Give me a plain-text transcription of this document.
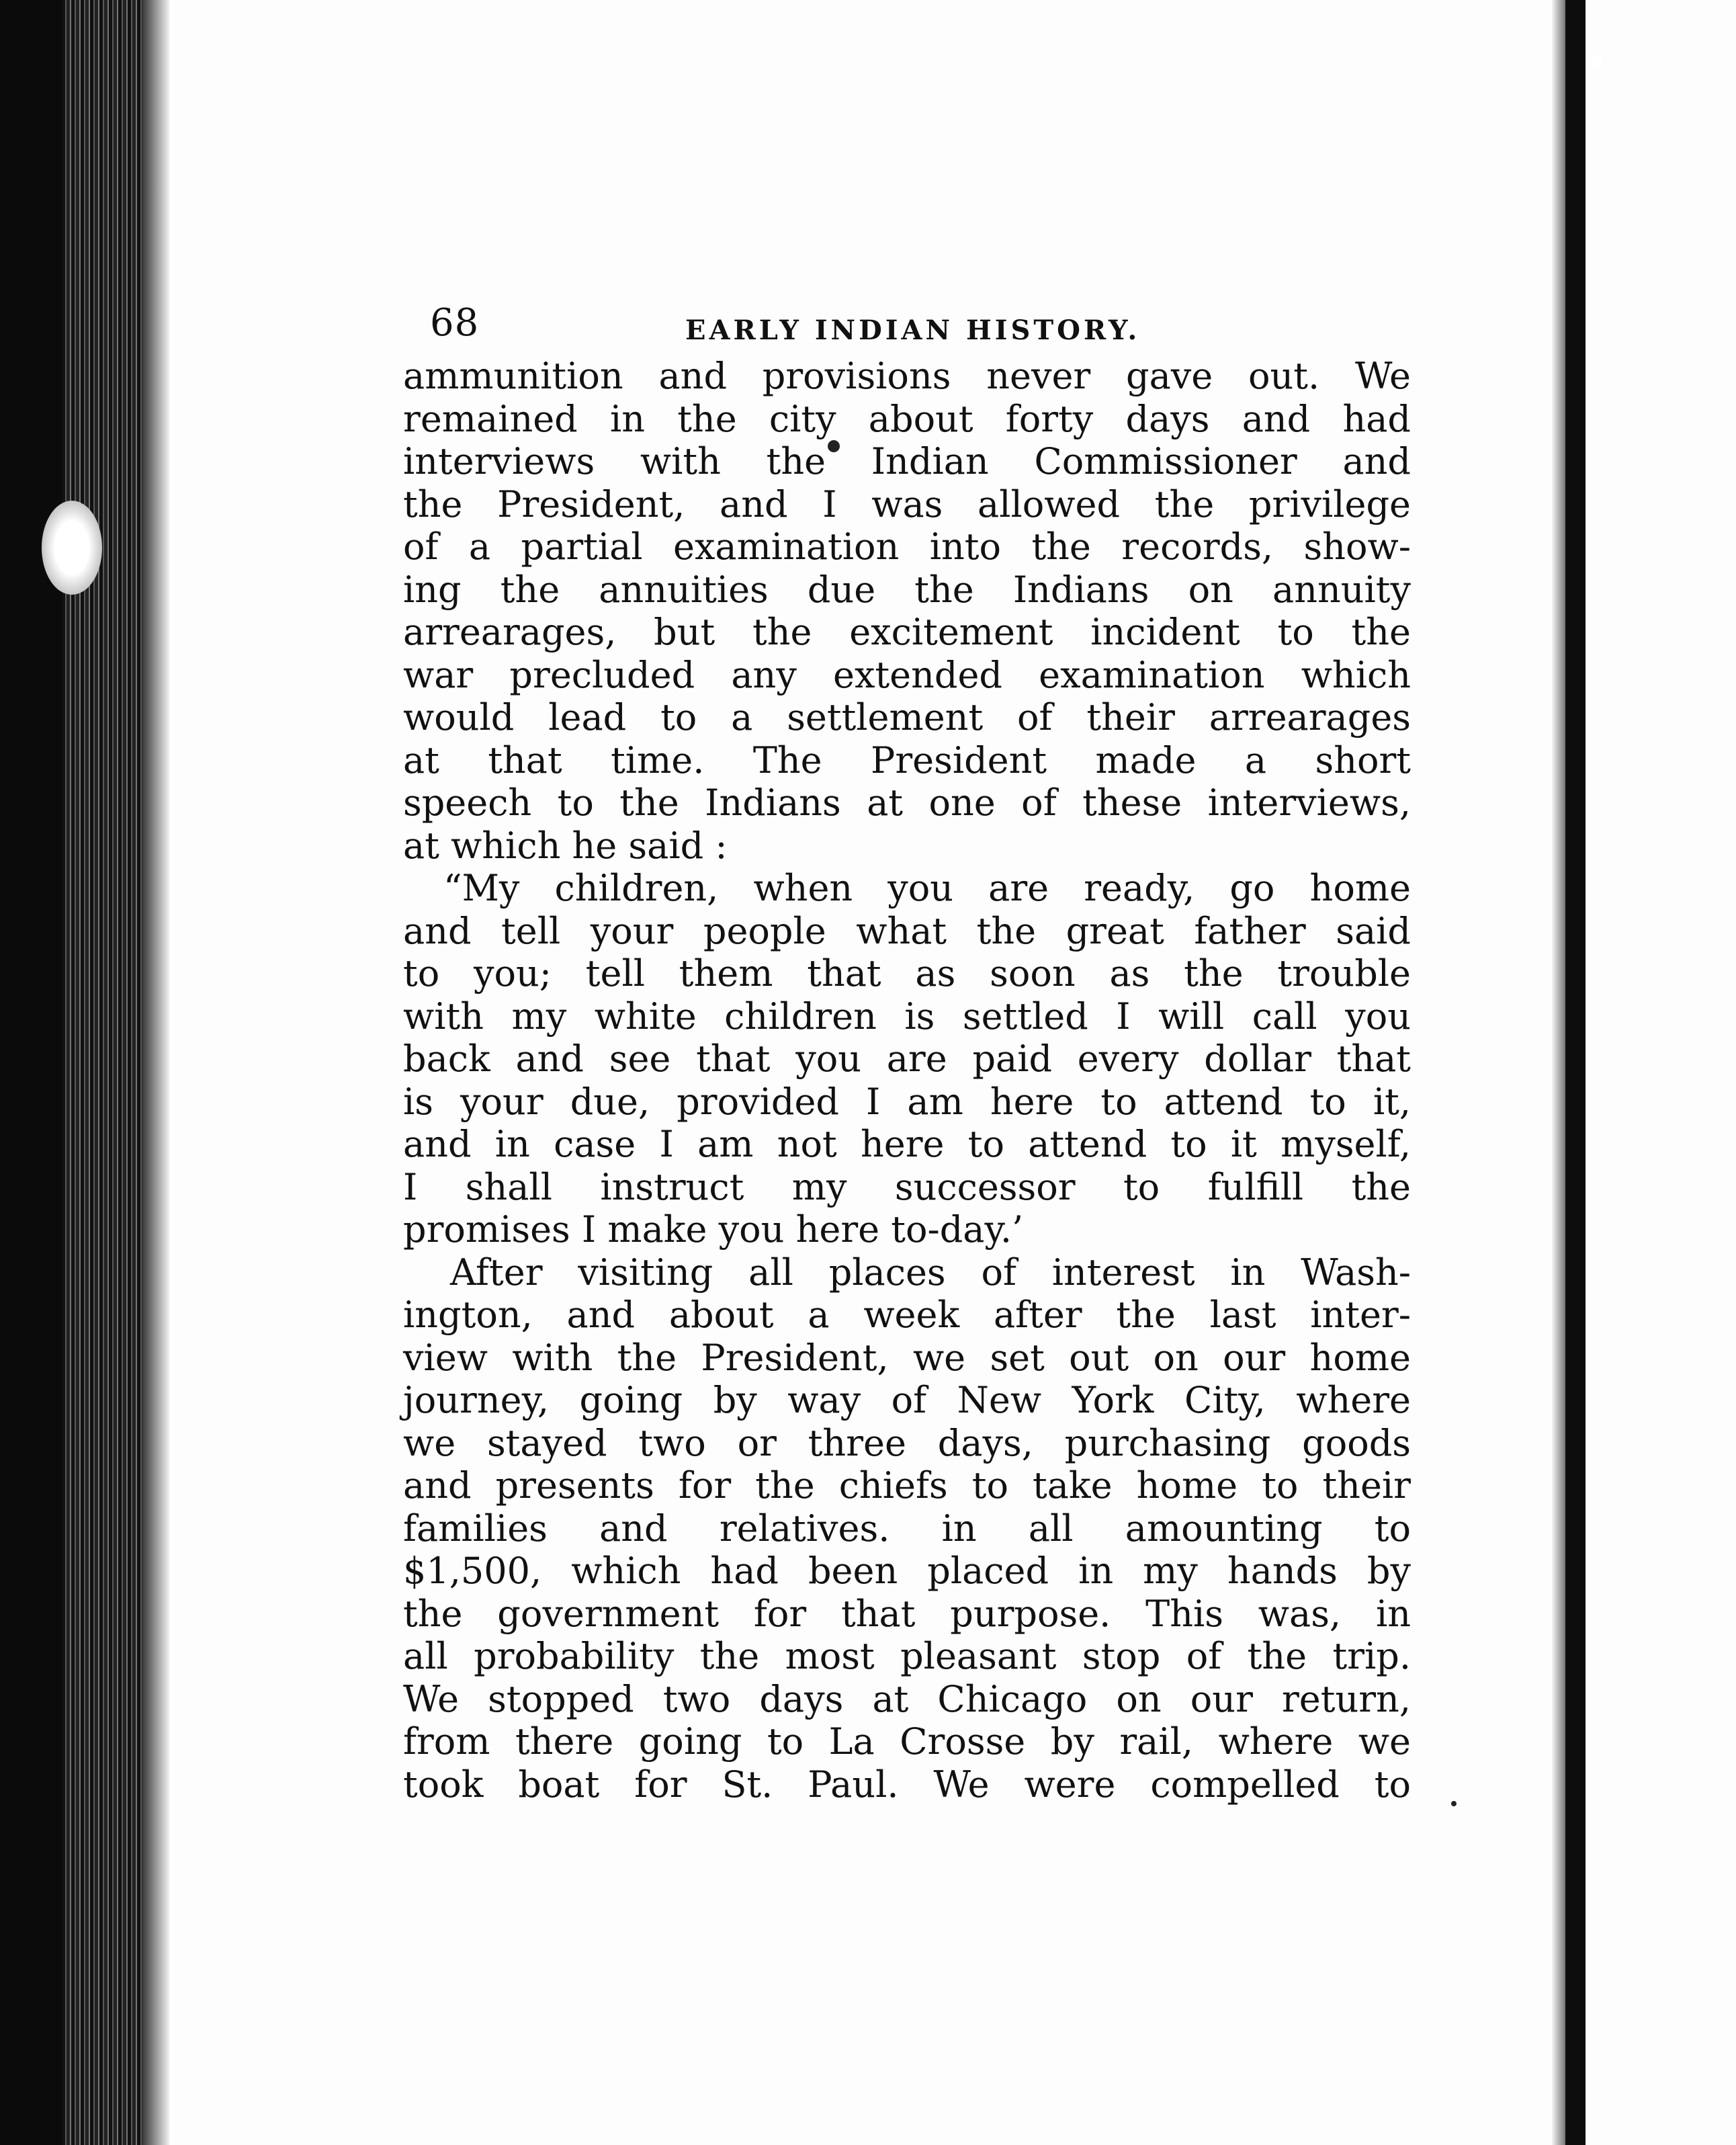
68	EARLY INDIAN HISTORY.
ammunition and provisions never gave out. We
remained in the city about forty days and had
interviews with the Indian Commissioner and
the President, and I was allowed the privilege
of a partial examination into the records, show-
ing the annuities due the Indians on annuity
arrearages, but the excitement incident to the
war precluded any extended examination which
would lead to a settlement of their arrearages
at that time. The President made a short
speech to the Indians at one of these interviews,
at which he said :
“My children, when you are ready, go home
and tell your people what the great father said
to you; tell them that as soon as the trouble
with my white children is settled I will call you
back and see that you are paid every dollar that
is your due, provided I am here to attend to it,
and in case I am not here to attend to it myself,
I shall instruct my successor to fulfill the
promises I make you here to-day.’
After visiting all places of interest in Wash-
ington, and about a week after the last inter-
view with the President, we set out on our home
journey, going by way of New York City, where
we stayed two or three days, purchasing goods
and presents for the chiefs to take home to their
families and relatives. in all amounting to
$1,500, which had been placed in my hands by
the government for that purpose. This was, in
all probability the most pleasant stop of the trip.
We stopped two days at Chicago on our return,
from there going to La Crosse by rail, where we
took boat for St. Paul. We were compelled to
